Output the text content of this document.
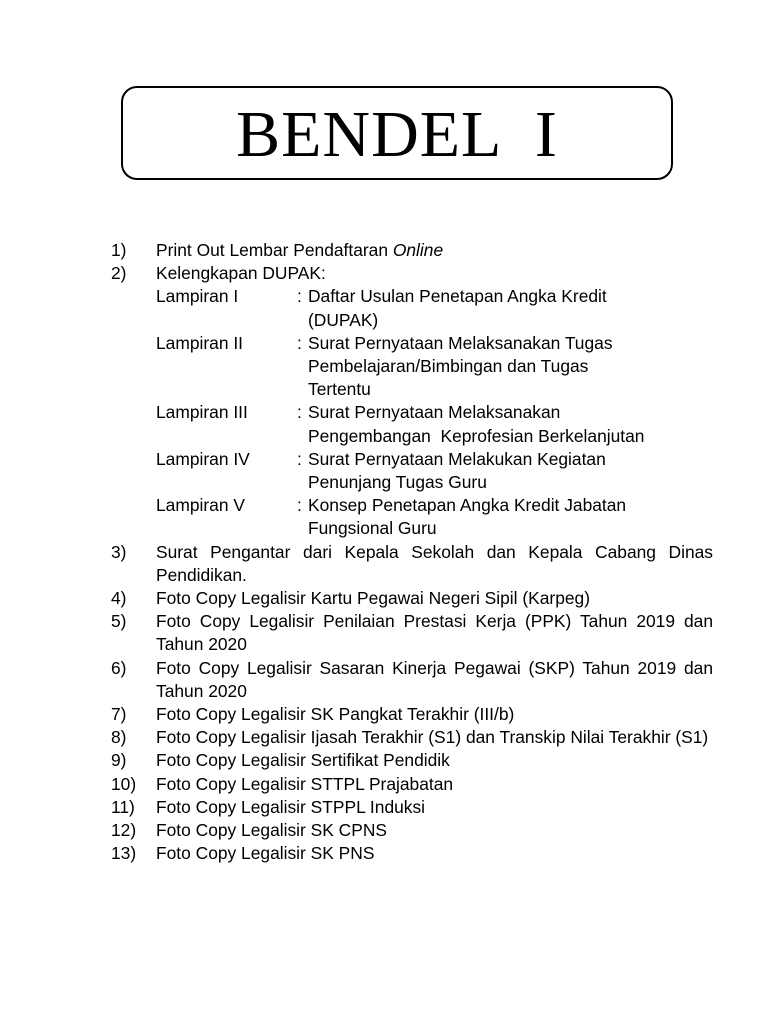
BENDEL  I
1)	Print Out Lembar Pendaftaran Online
2)	Kelengkapan DUPAK:
Lampiran I	: Daftar Usulan Penetapan Angka Kredit
(DUPAK)
Lampiran II	: Surat Pernyataan Melaksanakan Tugas
Pembelajaran/Bimbingan dan Tugas
Tertentu
Lampiran III	: Surat Pernyataan Melaksanakan
Pengembangan  Keprofesian Berkelanjutan
Lampiran IV	: Surat Pernyataan Melakukan Kegiatan
Penunjang Tugas Guru
Lampiran V	: Konsep Penetapan Angka Kredit Jabatan
Fungsional Guru
3)	Surat Pengantar dari Kepala Sekolah dan Kepala Cabang Dinas Pendidikan.
4)	Foto Copy Legalisir Kartu Pegawai Negeri Sipil (Karpeg)
5)	Foto Copy Legalisir Penilaian Prestasi Kerja (PPK) Tahun 2019 dan Tahun 2020
6)	Foto Copy Legalisir Sasaran Kinerja Pegawai (SKP) Tahun 2019 dan Tahun 2020
7)	Foto Copy Legalisir SK Pangkat Terakhir (III/b)
8)	Foto Copy Legalisir Ijasah Terakhir (S1) dan Transkip Nilai Terakhir (S1)
9)	Foto Copy Legalisir Sertifikat Pendidik
10)	Foto Copy Legalisir STTPL Prajabatan
11)	Foto Copy Legalisir STPPL Induksi
12)	Foto Copy Legalisir SK CPNS
13)	Foto Copy Legalisir SK PNS
